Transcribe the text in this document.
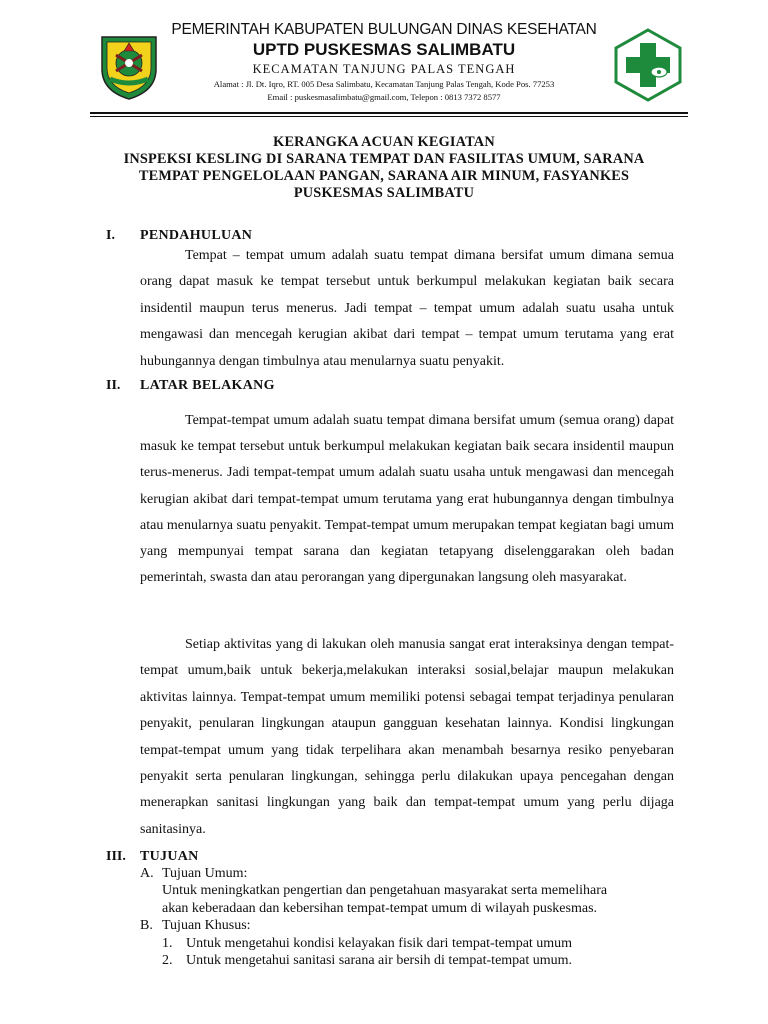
PEMERINTAH KABUPATEN BULUNGAN DINAS KESEHATAN
UPTD PUSKESMAS SALIMBATU
KECAMATAN TANJUNG PALAS TENGAH
Alamat : Jl. Dt. Iqro, RT. 005 Desa Salimbatu, Kecamatan Tanjung Palas Tengah, Kode Pos. 77253
Email : puskesmasalimbatu@gmail.com, Telepon : 0813 7372 8577
KERANGKA ACUAN KEGIATAN
INSPEKSI KESLING DI SARANA TEMPAT DAN FASILITAS UMUM, SARANA
TEMPAT PENGELOLAAN PANGAN, SARANA AIR MINUM, FASYANKES
PUSKESMAS SALIMBATU
I. PENDAHULUAN
Tempat – tempat umum adalah suatu tempat dimana bersifat umum dimana semua orang dapat masuk ke tempat tersebut untuk berkumpul melakukan kegiatan baik secara insidentil maupun terus menerus. Jadi tempat – tempat umum adalah suatu usaha untuk mengawasi dan mencegah kerugian akibat dari tempat – tempat umum terutama yang erat hubungannya dengan timbulnya atau menularnya suatu penyakit.
II. LATAR BELAKANG
Tempat-tempat umum adalah suatu tempat dimana bersifat umum (semua orang) dapat masuk ke tempat tersebut untuk berkumpul melakukan kegiatan baik secara insidentil maupun terus-menerus. Jadi tempat-tempat umum adalah suatu usaha untuk mengawasi dan mencegah kerugian akibat dari tempat-tempat umum terutama yang erat hubungannya dengan timbulnya atau menularnya suatu penyakit. Tempat-tempat umum merupakan tempat kegiatan bagi umum yang mempunyai tempat sarana dan kegiatan tetapyang diselenggarakan oleh badan pemerintah, swasta dan atau perorangan yang dipergunakan langsung oleh masyarakat.
Setiap aktivitas yang di lakukan oleh manusia sangat erat interaksinya dengan tempat-tempat umum,baik untuk bekerja,melakukan interaksi sosial,belajar maupun melakukan aktivitas lainnya. Tempat-tempat umum memiliki potensi sebagai tempat terjadinya penularan penyakit, penularan lingkungan ataupun gangguan kesehatan lainnya. Kondisi lingkungan tempat-tempat umum yang tidak terpelihara akan menambah besarnya resiko penyebaran penyakit serta penularan lingkungan, sehingga perlu dilakukan upaya pencegahan dengan menerapkan sanitasi lingkungan yang baik dan tempat-tempat umum yang perlu dijaga sanitasinya.
III. TUJUAN
A. Tujuan Umum:
Untuk meningkatkan pengertian dan pengetahuan masyarakat serta memelihara
akan keberadaan dan kebersihan tempat-tempat umum di wilayah puskesmas.
B. Tujuan Khusus:
1. Untuk mengetahui kondisi kelayakan fisik dari tempat-tempat umum
2. Untuk mengetahui sanitasi sarana air bersih di tempat-tempat umum.
